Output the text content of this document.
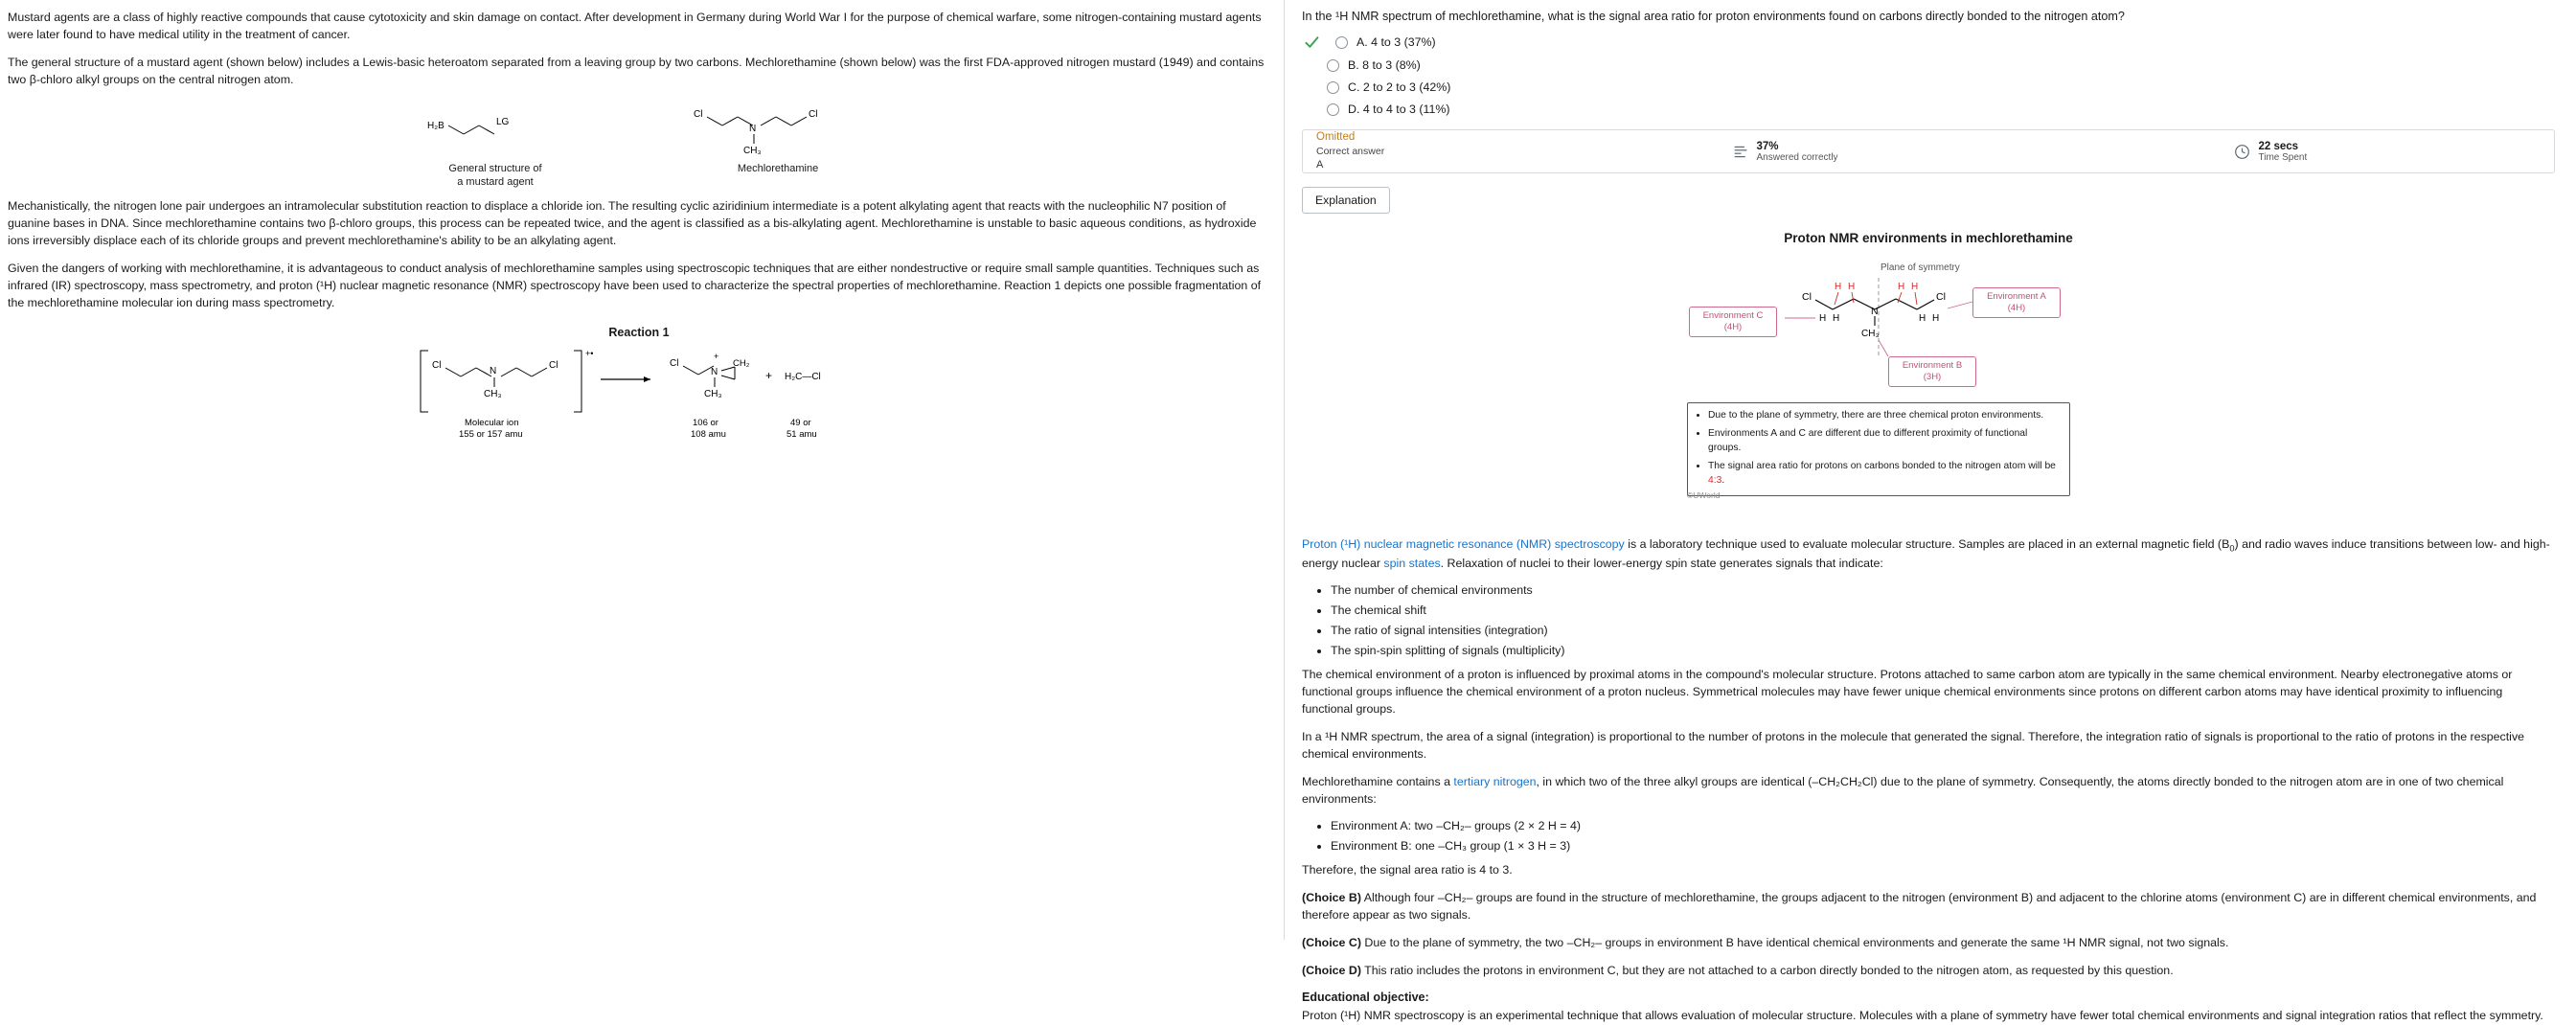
Mustard agents are a class of highly reactive compounds that cause cytotoxicity and skin damage on contact. After development in Germany during World War I for the purpose of chemical warfare, some nitrogen-containing mustard agents were later found to have medical utility in the treatment of cancer.

The general structure of a mustard agent (shown below) includes a Lewis-basic heteroatom separated from a leaving group by two carbons. Mechlorethamine (shown below) was the first FDA-approved nitrogen mustard (1949) and contains two β-chloro alkyl groups on the central nitrogen atom.

H₂B	LG
General structure of
a mustard agent
Cl
N
Cl
CH₃
Mechlorethamine

Mechanistically, the nitrogen lone pair undergoes an intramolecular substitution reaction to displace a chloride ion. The resulting cyclic aziridinium intermediate is a potent alkylating agent that reacts with the nucleophilic N7 position of guanine bases in DNA. Since mechlorethamine contains two β-chloro groups, this process can be repeated twice, and the agent is classified as a bis-alkylating agent. Mechlorethamine is unstable to basic aqueous conditions, as hydroxide ions irreversibly displace each of its chloride groups and prevent mechlorethamine's ability to be an alkylating agent.

Given the dangers of working with mechlorethamine, it is advantageous to conduct analysis of mechlorethamine samples using spectroscopic techniques that are either nondestructive or require small sample quantities. Techniques such as infrared (IR) spectroscopy, mass spectrometry, and proton (¹H) nuclear magnetic resonance (NMR) spectroscopy have been used to characterize the spectral properties of mechlorethamine. Reaction 1 depicts one possible fragmentation of the mechlorethamine molecular ion during mass spectrometry.

Reaction 1
+•
Cl
N
Cl
CH₃
Molecular ion
155 or 157 amu
Cl
+
N
CH₂
CH₃
106 or
108 amu
+ H₂C—Cl
49 or
51 amu
In the ¹H NMR spectrum of mechlorethamine, what is the signal area ratio for proton environments found on carbons directly bonded to the nitrogen atom?
A. 4 to 3 (37%)
B. 8 to 3 (8%)
C. 2 to 2 to 3 (42%)
D. 4 to 4 to 3 (11%)
Omitted
Correct answer
A
37%
Answered correctly
22 secs
Time Spent
Explanation
Proton NMR environments in mechlorethamine
Plane of symmetry
Cl	Cl
N
CH₃
H H	H H
H H	H H
Environment A
(4H)
Environment C
(4H)
Environment B
(3H)
• Due to the plane of symmetry, there are three chemical proton environments.
• Environments A and C are different due to different proximity of functional groups.
• The signal area ratio for protons on carbons bonded to the nitrogen atom will be 4:3.
©UWorld

Proton (¹H) nuclear magnetic resonance (NMR) spectroscopy is a laboratory technique used to evaluate molecular structure. Samples are placed in an external magnetic field $(B_0)$ and radio waves induce transitions between low- and high-energy nuclear spin states. Relaxation of nuclei to their lower-energy spin state generates signals that indicate:

• The number of chemical environments
• The chemical shift
• The ratio of signal intensities (integration)
• The spin-spin splitting of signals (multiplicity)

The chemical environment of a proton is influenced by proximal atoms in the compound's molecular structure. Protons attached to same carbon atom are typically in the same chemical environment. Nearby electronegative atoms or functional groups influence the chemical environment of a proton nucleus. Symmetrical molecules may have fewer unique chemical environments since protons on different carbon atoms may have identical proximity to influencing functional groups.

In a ¹H NMR spectrum, the area of a signal (integration) is proportional to the number of protons in the molecule that generated the signal. Therefore, the integration ratio of signals is proportional to the ratio of protons in the respective chemical environments.

Mechlorethamine contains a tertiary nitrogen, in which two of the three alkyl groups are identical (–CH₂CH₂Cl) due to the plane of symmetry. Consequently, the atoms directly bonded to the nitrogen atom are in one of two chemical environments:

• Environment A: two –CH₂– groups (2 × 2 H = 4)
• Environment B: one –CH₃ group (1 × 3 H = 3)

Therefore, the signal area ratio is 4 to 3.

(Choice B) Although four –CH₂– groups are found in the structure of mechlorethamine, the groups adjacent to the nitrogen (environment B) and adjacent to the chlorine atoms (environment C) are in different chemical environments, and therefore appear as two signals.

(Choice C) Due to the plane of symmetry, the two –CH₂– groups in environment B have identical chemical environments and generate the same ¹H NMR signal, not two signals.

(Choice D) This ratio includes the protons in environment C, but they are not attached to a carbon directly bonded to the nitrogen atom, as requested by this question.

Educational objective:

Proton (¹H) NMR spectroscopy is an experimental technique that allows evaluation of molecular structure. Molecules with a plane of symmetry have fewer total chemical environments and signal integration ratios that reflect the symmetry.
